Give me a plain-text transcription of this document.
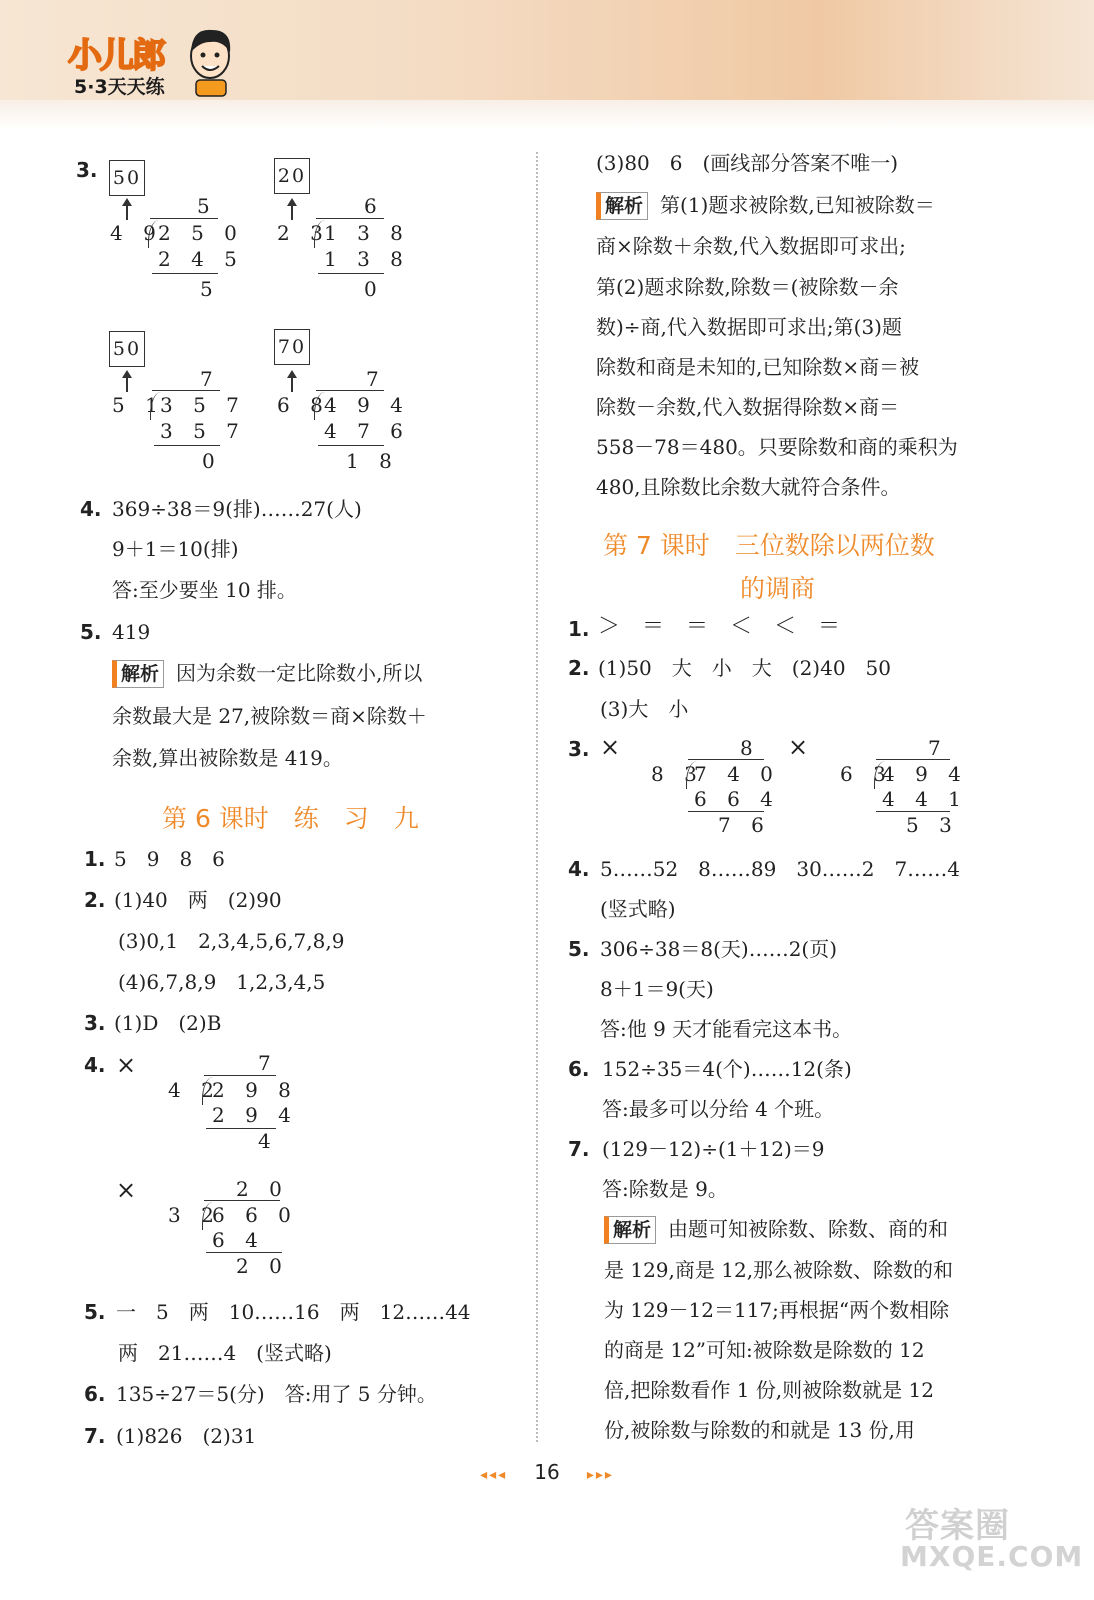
小儿郎
5·3天天练
3. 50
5
4 9
2 5 0
2 4 5
5
20
6
2 3
1 3 8
1 3 8
0
50
7
5 1
3 5 7
3 5 7
0
70
7
6 8
4 9 4
4 7 6
1 8
4. 369÷38＝9(排)……27(人)
9＋1＝10(排)
答:至少要坐 10 排。
5. 419
解析 因为余数一定比除数小,所以
余数最大是 27,被除数＝商×除数＋
余数,算出被除数是 419。
第 6 课时　练　习　九
1. 5　9　8　6
2. (1)40　两　(2)90
(3)0,1　2,3,4,5,6,7,8,9
(4)6,7,8,9　1,2,3,4,5
3. (1)D　(2)B
4. ×	7
4 2
2 9 8
2 9 4
4
×	2 0
3 2
6 6 0
6 4
2 0
5. 一　5　两　10……16　两　12……44
两　21……4　(竖式略)
6. 135÷27＝5(分)　答:用了 5 分钟。
7. (1)826　(2)31
(3)80　6　(画线部分答案不唯一)
解析 第(1)题求被除数,已知被除数＝
商×除数＋余数,代入数据即可求出;
第(2)题求除数,除数＝(被除数－余
数)÷商,代入数据即可求出;第(3)题
除数和商是未知的,已知除数×商＝被
除数－余数,代入数据得除数×商＝
558－78＝480。只要除数和商的乘积为
480,且除数比余数大就符合条件。
第 7 课时　三位数除以两位数
的调商
1. ＞　＝　＝　＜　＜　＝
2. (1)50　大　小　大　(2)40　50
(3)大　小
3. ×	8
8 3
7 4 0
6 6 4
7 6
×	7
6 3
4 9 4
4 4 1
5 3
4. 5……52　8……89　30……2　7……4
(竖式略)
5. 306÷38＝8(天)……2(页)
8＋1＝9(天)
答:他 9 天才能看完这本书。
6. 152÷35＝4(个)……12(条)
答:最多可以分给 4 个班。
7. (129－12)÷(1＋12)＝9
答:除数是 9。
解析 由题可知被除数、除数、商的和
是 129,商是 12,那么被除数、除数的和
为 129－12＝117;再根据“两个数相除
的商是 12”可知:被除数是除数的 12
倍,把除数看作 1 份,则被除数就是 12
份,被除数与除数的和就是 13 份,用
◂◂◂ 16 ▸▸▸
答案圈
MXQE.COM
